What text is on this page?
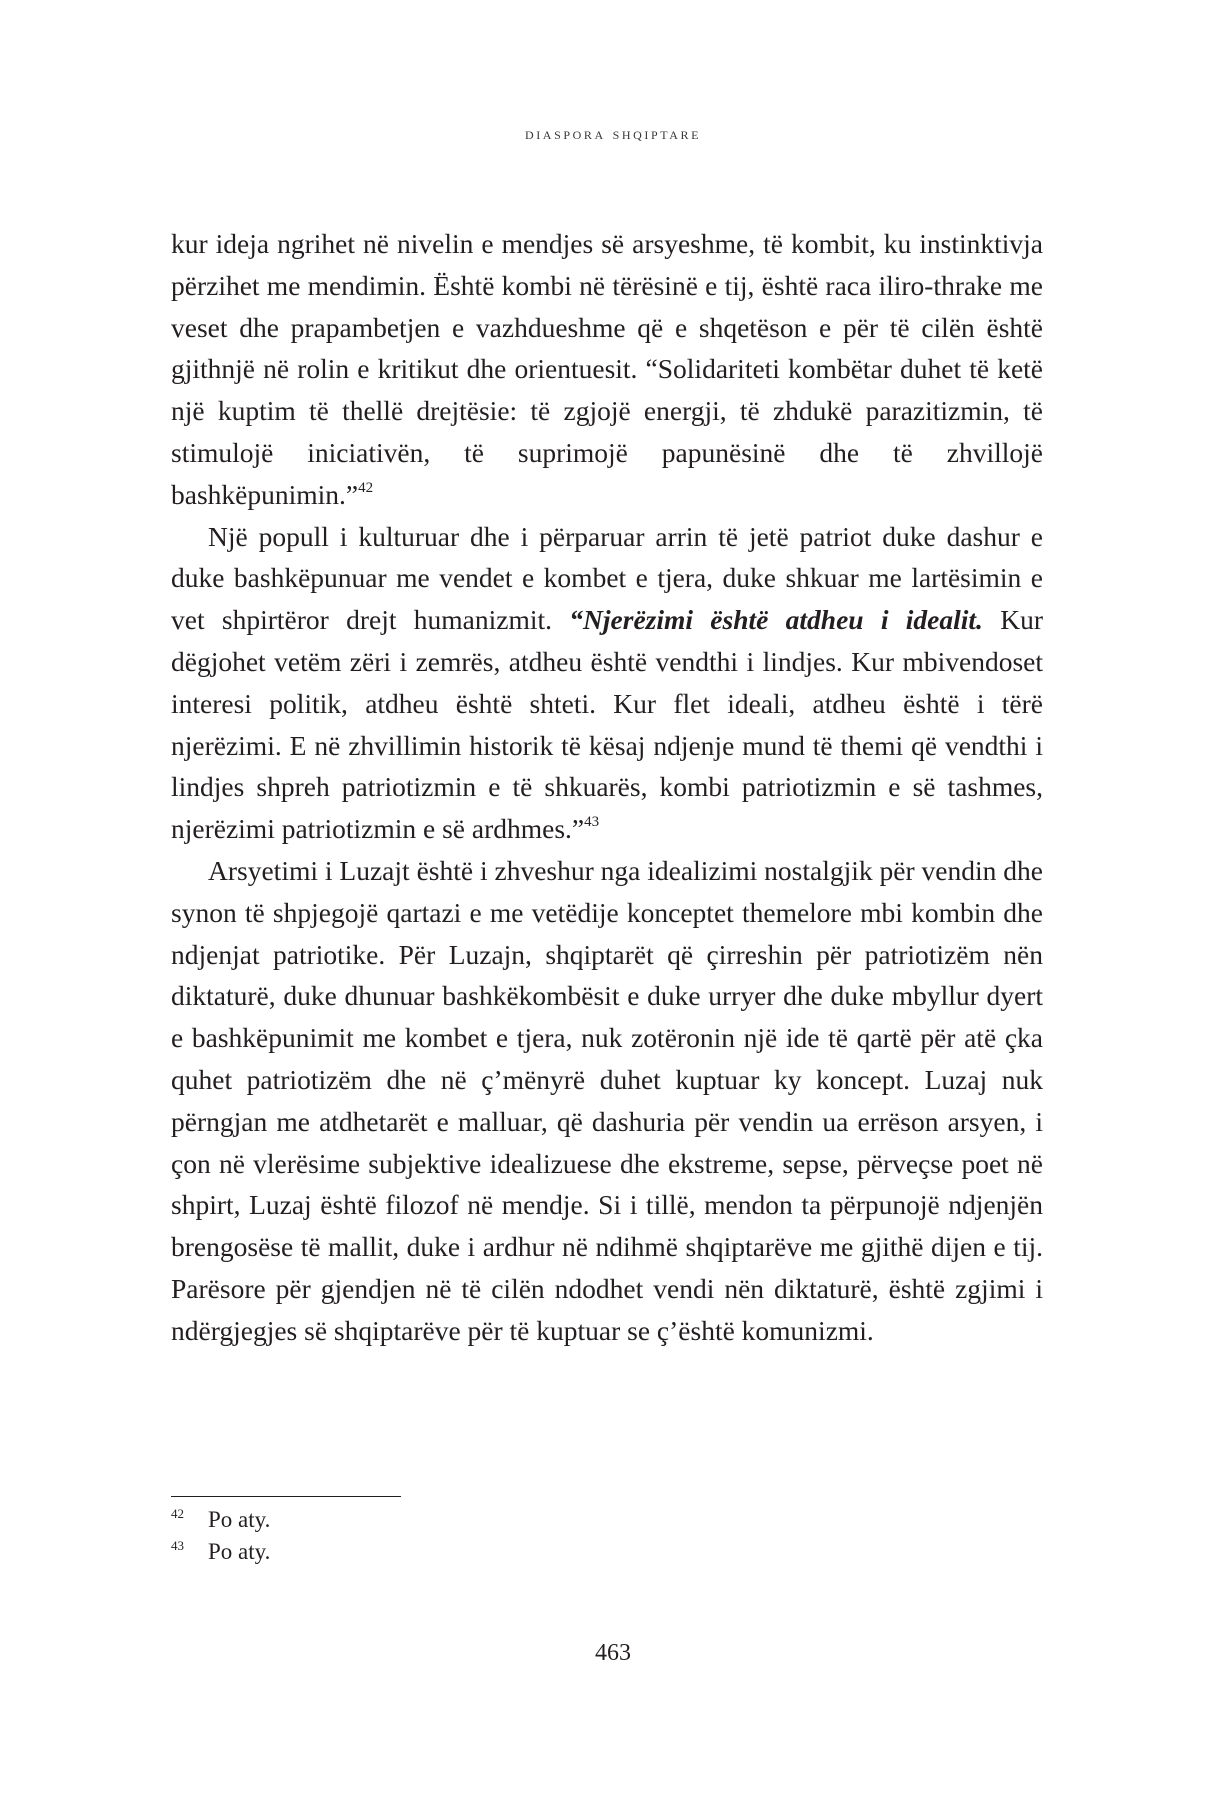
diaspora shqiptare

kur ideja ngrihet në nivelin e mendjes së arsyeshme, të kombit, ku instinktivja përzihet me mendimin. Është kombi në tërësinë e tij, është raca iliro-thrake me veset dhe prapambetjen e vazhdueshme që e shqetëson e për të cilën është gjithnjë në rolin e kritikut dhe orientuesit. “Solidariteti kombëtar duhet të ketë një kuptim të thellë drejtësie: të zgjojë energji, të zhdukë parazitizmin, të stimulojë iniciativën, të suprimojë papunësinë dhe të zhvillojë bashkëpunimin.”$^{42}$

Një popull i kulturuar dhe i përparuar arrin të jetë patriot duke dashur e duke bashkëpunuar me vendet e kombet e tjera, duke shkuar me lartësimin e vet shpirtëror drejt humanizmit. “Njerëzimi është atdheu i idealit. Kur dëgjohet vetëm zëri i zemrës, atdheu është vendthi i lindjes. Kur mbivendoset interesi politik, atdheu është shteti. Kur flet ideali, atdheu është i tërë njerëzimi. E në zhvillimin historik të kësaj ndjenje mund të themi që vendthi i lindjes shpreh patriotizmin e të shkuarës, kombi patriotizmin e së tashmes, njerëzimi patriotizmin e së ardhmes.”$^{43}$

Arsyetimi i Luzajt është i zhveshur nga idealizimi nostalgjik për vendin dhe synon të shpjegojë qartazi e me vetëdije konceptet themelore mbi kombin dhe ndjenjat patriotike. Për Luzajn, shqiptarët që çirreshin për patriotizëm nën diktaturë, duke dhunuar bashkëkombësit e duke urryer dhe duke mbyllur dyert e bashkëpunimit me kombet e tjera, nuk zotëronin një ide të qartë për atë çka quhet patriotizëm dhe në ç’mënyrë duhet kuptuar ky koncept. Luzaj nuk përngjan me atdhetarët e malluar, që dashuria për vendin ua errëson arsyen, i çon në vlerësime subjektive idealizuese dhe ekstreme, sepse, përveçse poet në shpirt, Luzaj është filozof në mendje. Si i tillë, mendon ta përpunojë ndjenjën brengosëse të mallit, duke i ardhur në ndihmë shqiptarëve me gjithë dijen e tij. Parësore për gjendjen në të cilën ndodhet vendi nën diktaturë, është zgjimi i ndërgjegjes së shqiptarëve për të kuptuar se ç’është komunizmi.

42	Po aty.
43	Po aty.
463
